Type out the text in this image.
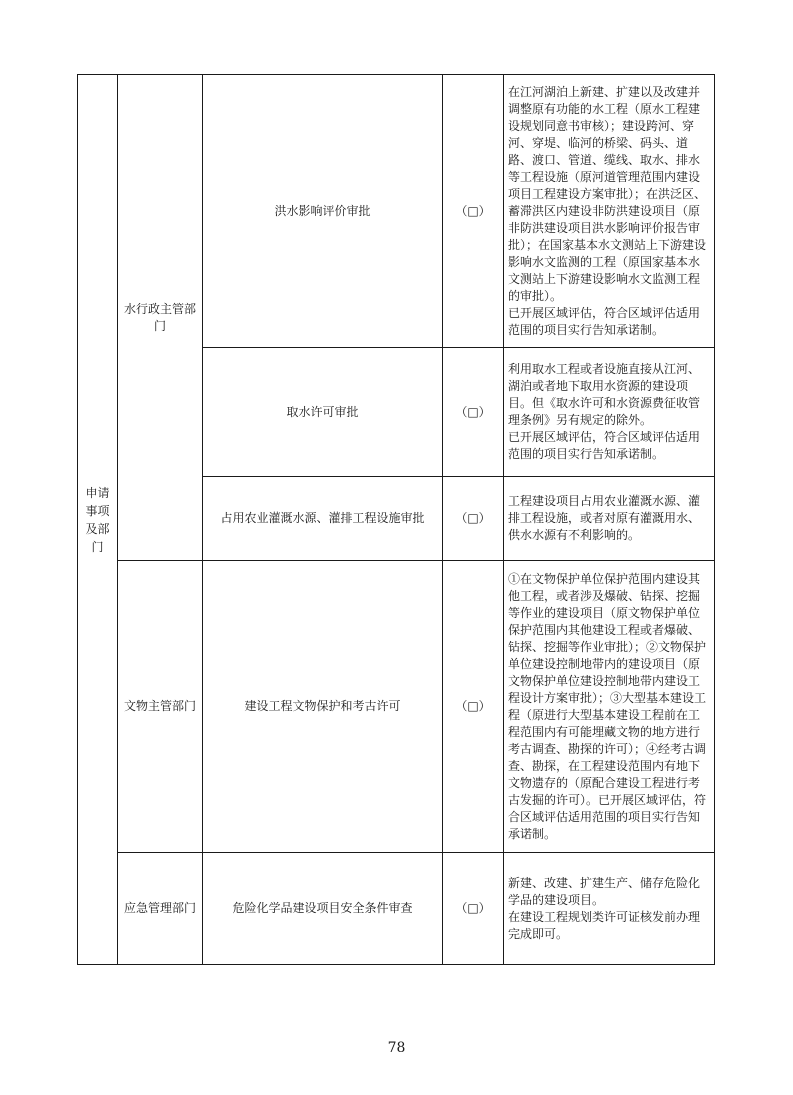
申请事项及部门	水行政主管部门	洪水影响评价审批	（□）	在江河湖泊上新建、扩建以及改建并调整原有功能的水工程（原水工程建设规划同意书审核）；建设跨河、穿河、穿堤、临河的桥梁、码头、道路、渡口、管道、缆线、取水、排水等工程设施（原河道管理范围内建设项目工程建设方案审批）；在洪泛区、蓄滞洪区内建设非防洪建设项目（原非防洪建设项目洪水影响评价报告审批）；在国家基本水文测站上下游建设影响水文监测的工程（原国家基本水文测站上下游建设影响水文监测工程的审批）。
已开展区域评估，符合区域评估适用范围的项目实行告知承诺制。

		取水许可审批	（□）	利用取水工程或者设施直接从江河、湖泊或者地下取用水资源的建设项目。但《取水许可和水资源费征收管理条例》另有规定的除外。
已开展区域评估，符合区域评估适用范围的项目实行告知承诺制。

		占用农业灌溉水源、灌排工程设施审批	（□）	工程建设项目占用农业灌溉水源、灌排工程设施，或者对原有灌溉用水、供水水源有不利影响的。

	文物主管部门	建设工程文物保护和考古许可	（□）	①在文物保护单位保护范围内建设其他工程，或者涉及爆破、钻探、挖掘等作业的建设项目（原文物保护单位保护范围内其他建设工程或者爆破、钻探、挖掘等作业审批）；②文物保护单位建设控制地带内的建设项目（原文物保护单位建设控制地带内建设工程设计方案审批）；③大型基本建设工程（原进行大型基本建设工程前在工程范围内有可能埋藏文物的地方进行考古调查、勘探的许可）；④经考古调查、勘探，在工程建设范围内有地下文物遗存的（原配合建设工程进行考古发掘的许可）。已开展区域评估，符合区域评估适用范围的项目实行告知承诺制。

	应急管理部门	危险化学品建设项目安全条件审查	（□）	新建、改建、扩建生产、储存危险化学品的建设项目。
在建设工程规划类许可证核发前办理完成即可。
78
